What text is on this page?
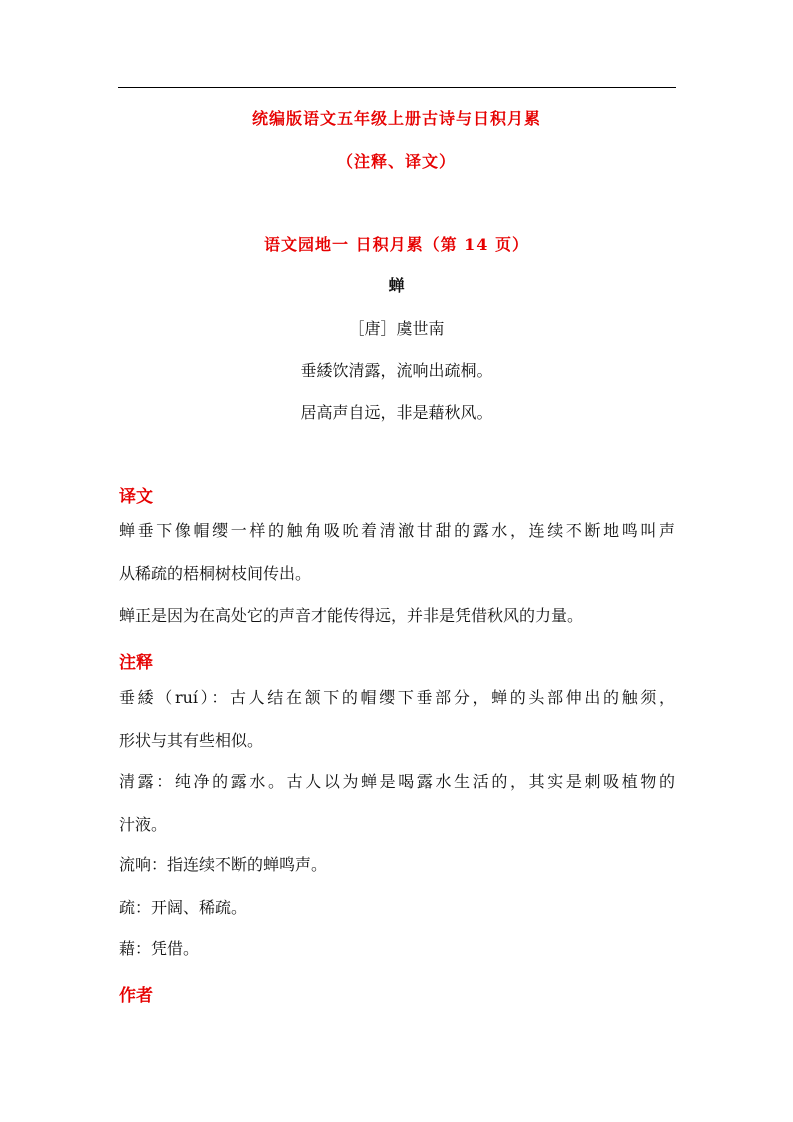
统编版语文五年级上册古诗与日积月累

（注释、译文）

语文园地一 日积月累（第 14 页）

蝉

［唐］虞世南

垂緌饮清露，流响出疏桐。

居高声自远，非是藉秋风。

译文

蝉垂下像帽缨一样的触角吸吮着清澈甘甜的露水，连续不断地鸣叫声

从稀疏的梧桐树枝间传出。

蝉正是因为在高处它的声音才能传得远，并非是凭借秋风的力量。

注释

垂緌（ruí）：古人结在颔下的帽缨下垂部分，蝉的头部伸出的触须，

形状与其有些相似。

清露：纯净的露水。古人以为蝉是喝露水生活的，其实是刺吸植物的

汁液。

流响：指连续不断的蝉鸣声。

疏：开阔、稀疏。

藉：凭借。

作者
